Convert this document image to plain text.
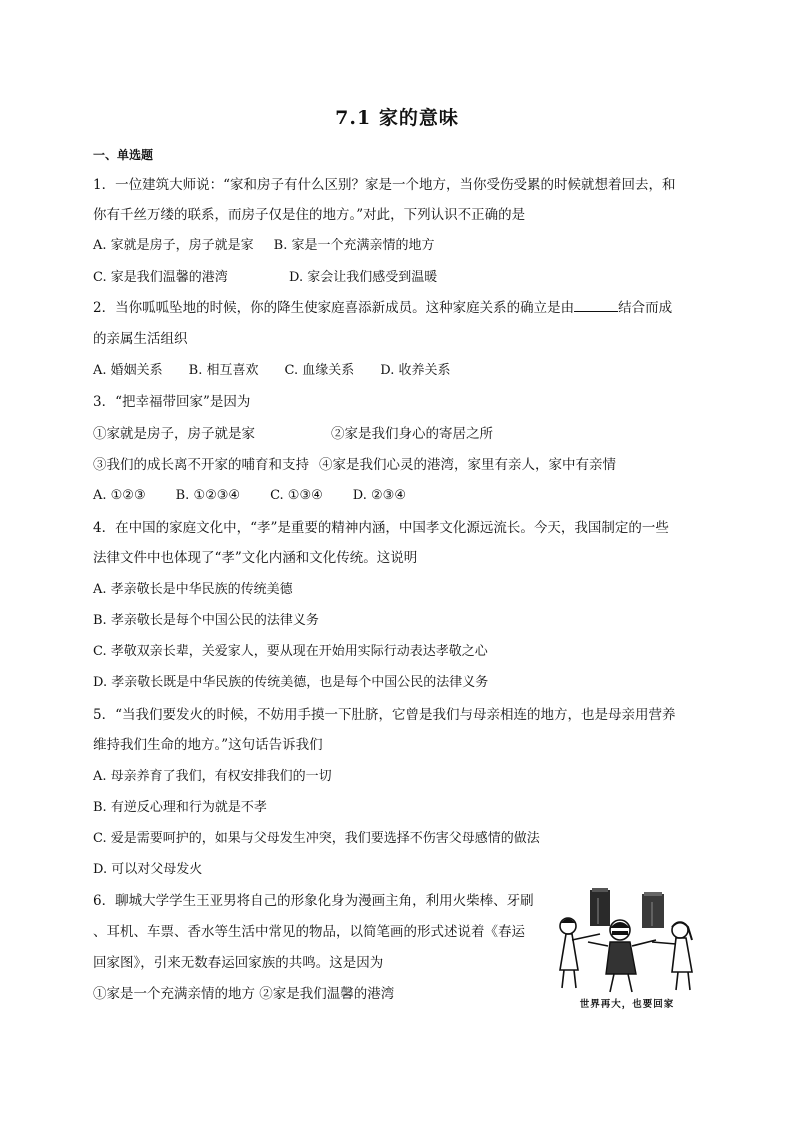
7.1 家的意味
一、单选题
1．一位建筑大师说：“家和房子有什么区别？家是一个地方，当你受伤受累的时候就想着回去，和
你有千丝万缕的联系，而房子仅是住的地方。”对此，下列认识不正确的是
A. 家就是房子，房子就是家 B. 家是一个充满亲情的地方
C. 家是我们温馨的港湾	D. 家会让我们感受到温暖
2．当你呱呱坠地的时候，你的降生使家庭喜添新成员。这种家庭关系的确立是由	结合而成
的亲属生活组织
A. 婚姻关系 B. 相互喜欢 C. 血缘关系 D. 收养关系
3．“把幸福带回家”是因为
①家就是房子，房子就是家	②家是我们身心的寄居之所
③我们的成长离不开家的哺育和支持 ④家是我们心灵的港湾，家里有亲人，家中有亲情
A. ①②③ B. ①②③④ C. ①③④ D. ②③④
4．在中国的家庭文化中，“孝”是重要的精神内涵，中国孝文化源远流长。今天，我国制定的一些
法律文件中也体现了“孝”文化内涵和文化传统。这说明
A. 孝亲敬长是中华民族的传统美德
B. 孝亲敬长是每个中国公民的法律义务
C. 孝敬双亲长辈，关爱家人，要从现在开始用实际行动表达孝敬之心
D. 孝亲敬长既是中华民族的传统美德，也是每个中国公民的法律义务
5．“当我们要发火的时候，不妨用手摸一下肚脐，它曾是我们与母亲相连的地方，也是母亲用营养
维持我们生命的地方。”这句话告诉我们
A. 母亲养育了我们，有权安排我们的一切
B. 有逆反心理和行为就是不孝
C. 爱是需要呵护的，如果与父母发生冲突，我们要选择不伤害父母感情的做法
D. 可以对父母发火
6．聊城大学学生王亚男将自己的形象化身为漫画主角，利用火柴棒、牙刷
、耳机、车票、香水等生活中常见的物品，以简笔画的形式述说着《春运
回家图》，引来无数春运回家族的共鸣。这是因为
①家是一个充满亲情的地方 ②家是我们温馨的港湾
世界再大，也要回家
